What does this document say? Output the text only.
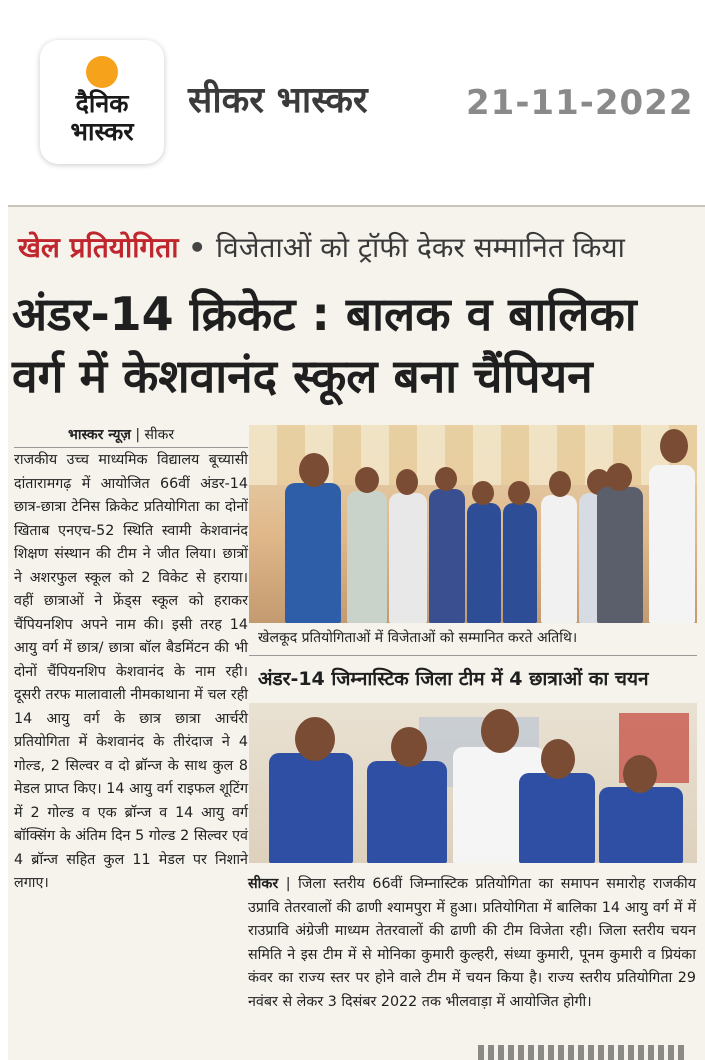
दैनिक
भास्कर
सीकर भास्कर	21-11-2022
खेल प्रतियोगिता • विजेताओं को ट्रॉफी देकर सम्मानित किया
अंडर-14 क्रिकेट : बालक व बालिका वर्ग में केशवानंद स्कूल बना चैंपियन
भास्कर न्यूज़ | सीकर
राजकीय उच्च माध्यमिक विद्यालय बूच्यासी दांतारामगढ़ में आयोजित 66वीं अंडर-14 छात्र-छात्रा टेनिस क्रिकेट प्रतियोगिता का दोनों खिताब एनएच-52 स्थिति स्वामी केशवानंद शिक्षण संस्थान की टीम ने जीत लिया। छात्रों ने अशरफुल स्कूल को 2 विकेट से हराया। वहीं छात्राओं ने फ्रेंड्स स्कूल को हराकर चैंपियनशिप अपने नाम की। इसी तरह 14 आयु वर्ग में छात्र/ छात्रा बॉल बैडमिंटन की भी दोनों चैंपियनशिप केशवानंद के नाम रही। दूसरी तरफ मालावाली नीमकाथाना में चल रही 14 आयु वर्ग के छात्र छात्रा आर्चरी प्रतियोगिता में केशवानंद के तीरंदाज ने 4 गोल्ड, 2 सिल्वर व दो ब्रॉन्ज के साथ कुल 8 मेडल प्राप्त किए। 14 आयु वर्ग राइफल शूटिंग में 2 गोल्ड व एक ब्रॉन्ज व 14 आयु वर्ग बॉक्सिंग के अंतिम दिन 5 गोल्ड 2 सिल्वर एवं 4 ब्रॉन्ज सहित कुल 11 मेडल पर निशाने लगाए।
खेलकूद प्रतियोगिताओं में विजेताओं को सम्मानित करते अतिथि।
अंडर-14 जिम्नास्टिक जिला टीम में 4 छात्राओं का चयन
सीकर | जिला स्तरीय 66वीं जिम्नास्टिक प्रतियोगिता का समापन समारोह राजकीय उप्रावि तेतरवालों की ढाणी श्यामपुरा में हुआ। प्रतियोगिता में बालिका 14 आयु वर्ग में में राउप्रावि अंग्रेजी माध्यम तेतरवालों की ढाणी की टीम विजेता रही। जिला स्तरीय चयन समिति ने इस टीम में से मोनिका कुमारी कुल्हरी, संध्या कुमारी, पूनम कुमारी व प्रियंका कंवर का राज्य स्तर पर होने वाले टीम में चयन किया है। राज्य स्तरीय प्रतियोगिता 29 नवंबर से लेकर 3 दिसंबर 2022 तक भीलवाड़ा में आयोजित होगी।
